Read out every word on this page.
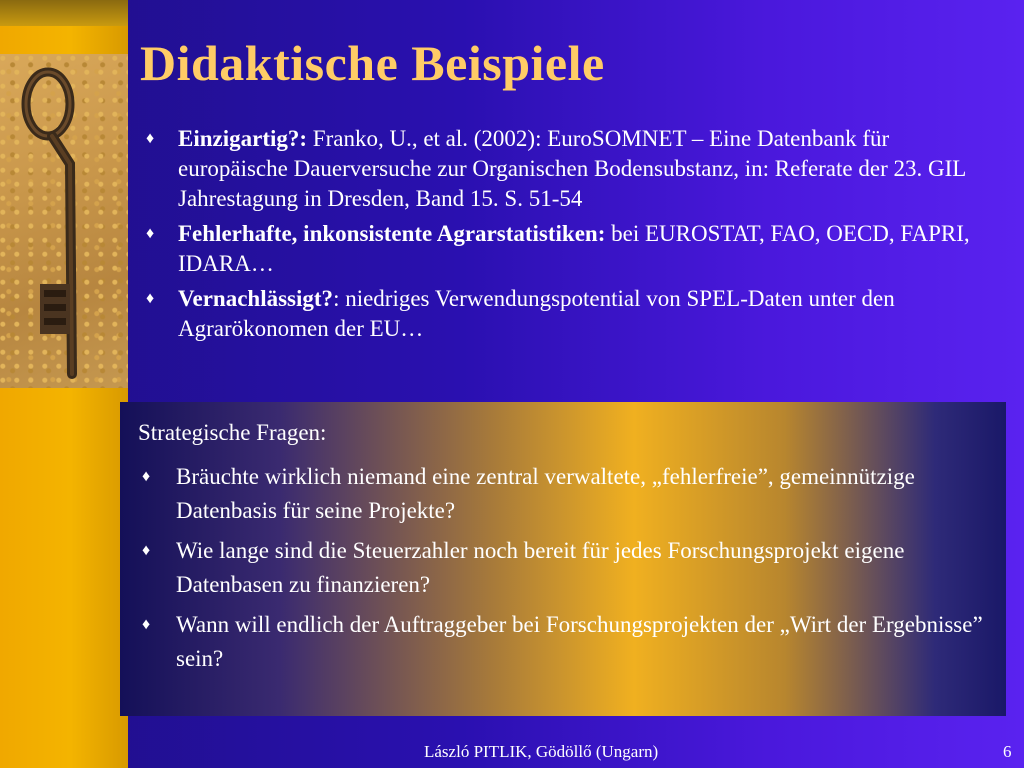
Didaktische Beispiele
♦ Einzigartig?: Franko, U., et al. (2002): EuroSOMNET – Eine Datenbank für europäische Dauerversuche zur Organischen Bodensubstanz, in: Referate der 23. GIL Jahrestagung in Dresden, Band 15. S. 51-54
♦ Fehlerhafte, inkonsistente Agrarstatistiken: bei EUROSTAT, FAO, OECD, FAPRI, IDARA…
♦ Vernachlässigt?: niedriges Verwendungspotential von SPEL-Daten unter den Agrarökonomen der EU…
Strategische Fragen:
♦ Bräuchte wirklich niemand eine zentral verwaltete, „fehlerfreie”, gemeinnützige Datenbasis für seine Projekte?
♦ Wie lange sind die Steuerzahler noch bereit für jedes Forschungsprojekt eigene Datenbasen zu finanzieren?
♦ Wann will endlich der Auftraggeber bei Forschungsprojekten der „Wirt der Ergebnisse” sein?
László PITLIK, Gödöllő (Ungarn)	6
